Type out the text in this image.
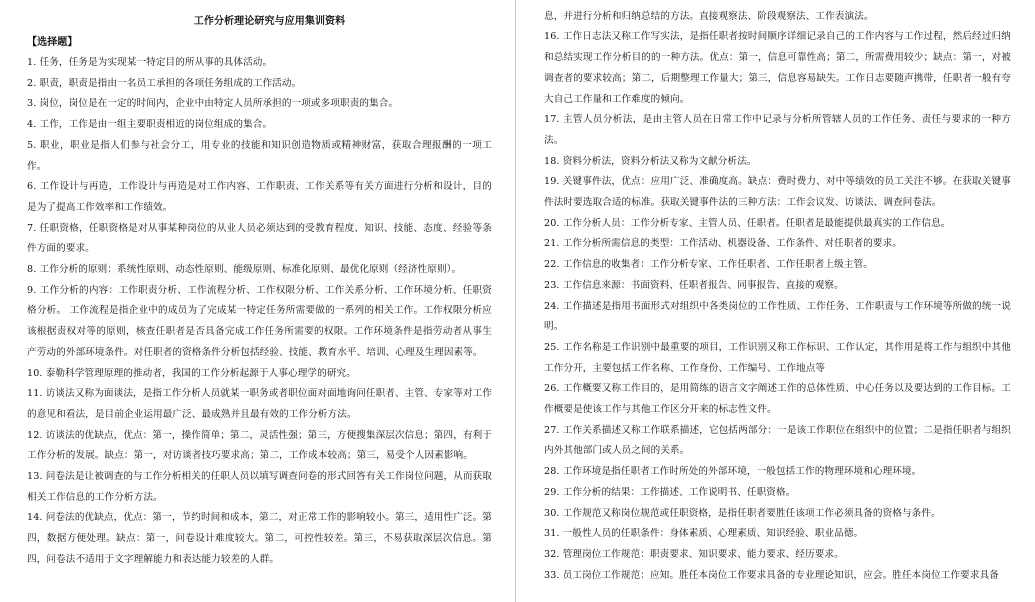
工作分析理论研究与应用集训资料
【选择题】

1. 任务，任务是为实现某一特定目的所从事的具体活动。

2. 职责，职责是指由一名员工承担的各项任务组成的工作活动。

3. 岗位，岗位是在一定的时间内，企业中由特定人员所承担的一项或多项职责的集合。

4. 工作，工作是由一组主要职责相近的岗位组成的集合。

5. 职业，职业是指人们参与社会分工，用专业的技能和知识创造物质或精神财富，获取合理报酬的一项工作。

6. 工作设计与再造，工作设计与再造是对工作内容、工作职责、工作关系等有关方面进行分析和设计，目的是为了提高工作效率和工作绩效。

7. 任职资格，任职资格是对从事某种岗位的从业人员必须达到的受教育程度、知识、技能、态度、经验等条件方面的要求。

8. 工作分析的原则：系统性原则、动态性原则、能级原则、标准化原则、最优化原则（经济性原则）。

9. 工作分析的内容：工作职责分析、工作流程分析、工作权限分析、工作关系分析、工作环境分析、任职资格分析。 工作流程是指企业中的成员为了完成某一特定任务所需要做的一系列的相关工作。工作权限分析应该根据责权对等的原则，核查任职者是否具备完成工作任务所需要的权限。工作环境条件是指劳动者从事生产劳动的外部环境条件。对任职者的资格条件分析包括经验、技能、教育水平、培训、心理及生理因素等。

10. 泰勒科学管理原理的推动者，我国的工作分析起源于人事心理学的研究。

11. 访谈法又称为面谈法，是指工作分析人员就某一职务或者职位面对面地询问任职者、主管、专家等对工作的意见和看法，是目前企业运用最广泛、最成熟并且最有效的工作分析方法。

12. 访谈法的优缺点，优点：第一，操作简单；第二，灵活性强；第三，方便搜集深层次信息；第四，有利于工作分析的发展。缺点：第一，对访谈者技巧要求高；第二，工作成本较高；第三，易受个人因素影响。

13. 问卷法是让被调查的与工作分析相关的任职人员以填写调查问卷的形式回答有关工作岗位问题，从而获取相关工作信息的工作分析方法。

14. 问卷法的优缺点，优点：第一，节约时间和成本，第二，对正常工作的影响较小。第三，适用性广泛。第四，数据方便处理。缺点：第一，问卷设计难度较大。第二，可控性较差。第三，不易获取深层次信息。第四，问卷法不适用于文字理解能力和表达能力较差的人群。

息，并进行分析和归纳总结的方法。直接观察法、阶段观察法、工作表演法。

16. 工作日志法又称工作写实法，是指任职者按时间顺序详细记录自己的工作内容与工作过程，然后经过归纳和总结实现工作分析目的的一种方法。优点：第一，信息可靠性高；第二，所需费用较少；缺点：第一，对被调查者的要求较高；第二，后期整理工作量大；第三，信息容易缺失。工作日志要随声携带，任职者一般有夸大自己工作量和工作难度的倾向。

17. 主管人员分析法，是由主管人员在日常工作中记录与分析所管辖人员的工作任务、责任与要求的一种方法。

18. 资料分析法，资料分析法又称为文献分析法。

19. 关键事件法，优点：应用广泛、准确度高。缺点：费时费力、对中等绩效的员工关注不够。在获取关键事件法时要选取合适的标准。获取关键事件法的三种方法：工作会议发、访谈法、调查问卷法。

20. 工作分析人员：工作分析专家、主管人员、任职者。任职者是最能提供最真实的工作信息。

21. 工作分析所需信息的类型：工作活动、机器设备、工作条件、对任职者的要求。

22. 工作信息的收集者：工作分析专家、工作任职者、工作任职者上级主管。

23. 工作信息来源：书面资料、任职者报告、同事报告、直接的观察。

24. 工作描述是指用书面形式对组织中各类岗位的工作性质、工作任务、工作职责与工作环境等所做的统一说明。

25. 工作名称是工作识别中最重要的项目，工作识别又称工作标识、工作认定，其作用是将工作与组织中其他工作分开，主要包括工作名称、工作身份、工作编号、工作地点等

26. 工作概要又称工作目的，是用简练的语言文字阐述工作的总体性质、中心任务以及要达到的工作目标。工作概要是使该工作与其他工作区分开来的标志性文件。

27. 工作关系描述又称工作联系描述，它包括两部分：一是该工作职位在组织中的位置；二是指任职者与组织内外其他部门或人员之间的关系。

28. 工作环境是指任职者工作时所处的外部环境，一般包括工作的物理环境和心理环境。

29. 工作分析的结果：工作描述、工作说明书、任职资格。

30. 工作规范又称岗位规范或任职资格，是指任职者要胜任该项工作必须具备的资格与条件。

31. 一般性人员的任职条件：身体素质、心理素质、知识经验、职业品德。

32. 管理岗位工作规范：职责要求、知识要求、能力要求、经历要求。

33. 员工岗位工作规范：应知。胜任本岗位工作要求具备的专业理论知识，应会。胜任本岗位工作要求具备
